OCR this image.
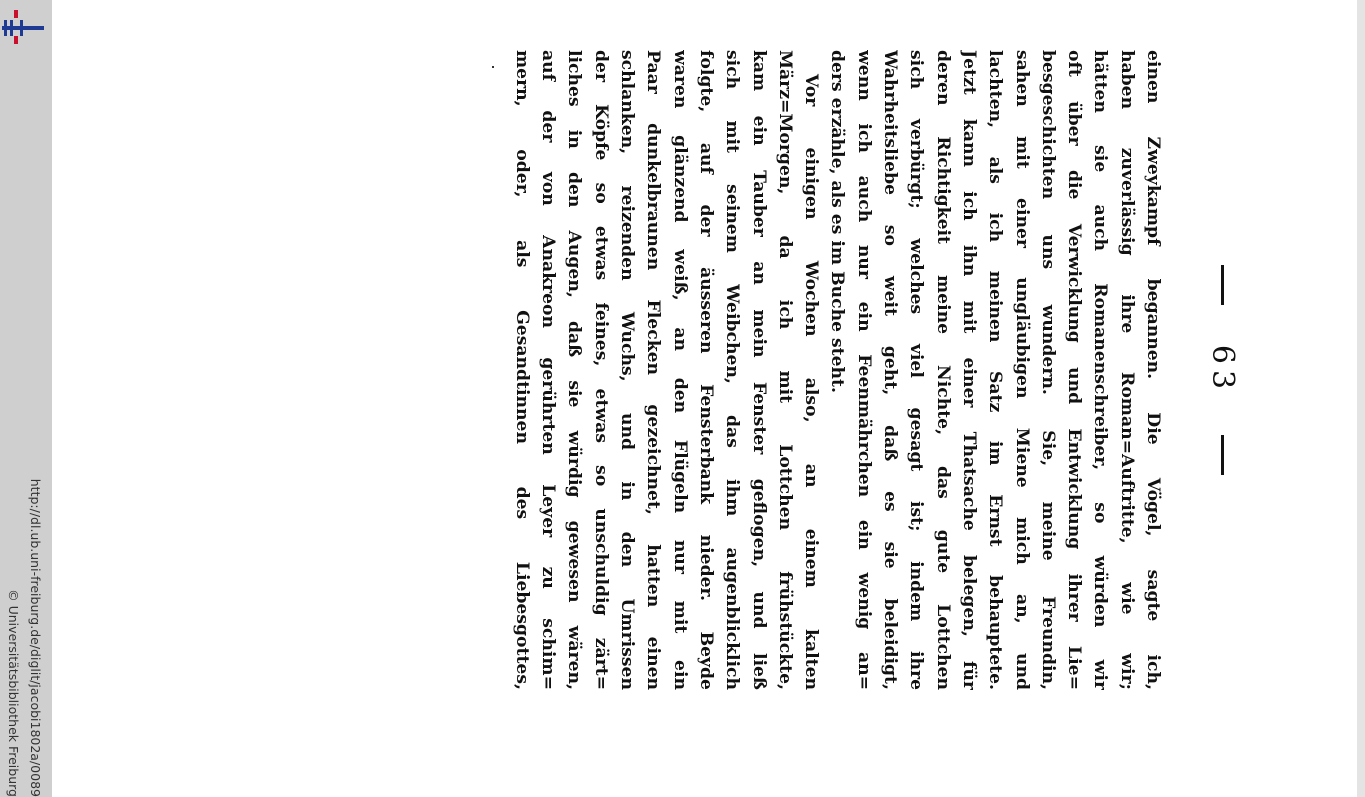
http://dl.ub.uni-freiburg.de/diglit/jacobi1802a/0089
© Universitätsbibliothek Freiburg
63
einen Zweykampf begannen. Die Vögel, sagte ich,
haben zuverlässig ihre Roman=Auftritte, wie wir;
hätten sie auch Romanenschreiber, so würden wir
oft über die Verwicklung und Entwicklung ihrer Lie=
besgeschichten uns wundern. Sie, meine Freundin,
sahen mit einer ungläubigen Miene mich an, und
lachten, als ich meinen Satz im Ernst behauptete.
Jetzt kann ich ihn mit einer Thatsache belegen, für
deren Richtigkeit meine Nichte, das gute Lottchen
sich verbürgt; welches viel gesagt ist; indem ihre
Wahrheitsliebe so weit geht, daß es sie beleidigt,
wenn ich auch nur ein Feenmährchen ein wenig an=
ders erzähle, als es im Buche steht.
Vor einigen Wochen also, an einem kalten
März=Morgen, da ich mit Lottchen frühstückte,
kam ein Tauber an mein Fenster geflogen, und ließ
sich mit seinem Weibchen, das ihm augenblicklich
folgte, auf der äusseren Fensterbank nieder. Beyde
waren glänzend weiß, an den Flügeln nur mit ein
Paar dunkelbraunen Flecken gezeichnet, hatten einen
schlanken, reizenden Wuchs, und in den Umrissen
der Köpfe so etwas feines, etwas so unschuldig zärt=
liches in den Augen, daß sie würdig gewesen wären,
auf der von Anakreon gerührten Leyer zu schim=
mern, oder, als Gesandtinnen des Liebesgottes,
